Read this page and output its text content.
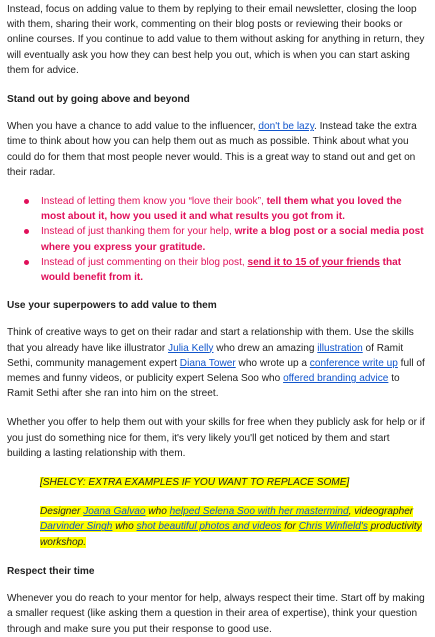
Instead, focus on adding value to them by replying to their email newsletter, closing the loop with them, sharing their work, commenting on their blog posts or reviewing their books or online courses. If you continue to add value to them without asking for anything in return, they will eventually ask you how they can best help you out, which is when you can start asking them for advice.

Stand out by going above and beyond

When you have a chance to add value to the influencer, don't be lazy. Instead take the extra time to think about how you can help them out as much as possible. Think about what you could do for them that most people never would. This is a great way to stand out and get on their radar.

Instead of letting them know you “love their book”, tell them what you loved the most about it, how you used it and what results you got from it.
Instead of just thanking them for your help, write a blog post or a social media post where you express your gratitude.
Instead of just commenting on their blog post, send it to 15 of your friends that would benefit from it.
Use your superpowers to add value to them

Think of creative ways to get on their radar and start a relationship with them. Use the skills that you already have like illustrator Julia Kelly who drew an amazing illustration of Ramit Sethi, community management expert Diana Tower who wrote up a conference write up full of memes and funny videos, or publicity expert Selena Soo who offered branding advice to Ramit Sethi after she ran into him on the street.

Whether you offer to help them out with your skills for free when they publicly ask for help or if you just do something nice for them, it's very likely you'll get noticed by them and start building a lasting relationship with them.

[SHELCY: EXTRA EXAMPLES IF YOU WANT TO REPLACE SOME]

Designer Joana Galvao who helped Selena Soo with her mastermind, videographer Darvinder Singh who shot beautiful photos and videos for Chris Winfield's productivity workshop.

Respect their time

Whenever you do reach to your mentor for help, always respect their time. Start off by making a smaller request (like asking them a question in their area of expertise), think your question through and make sure you put their response to good use.
